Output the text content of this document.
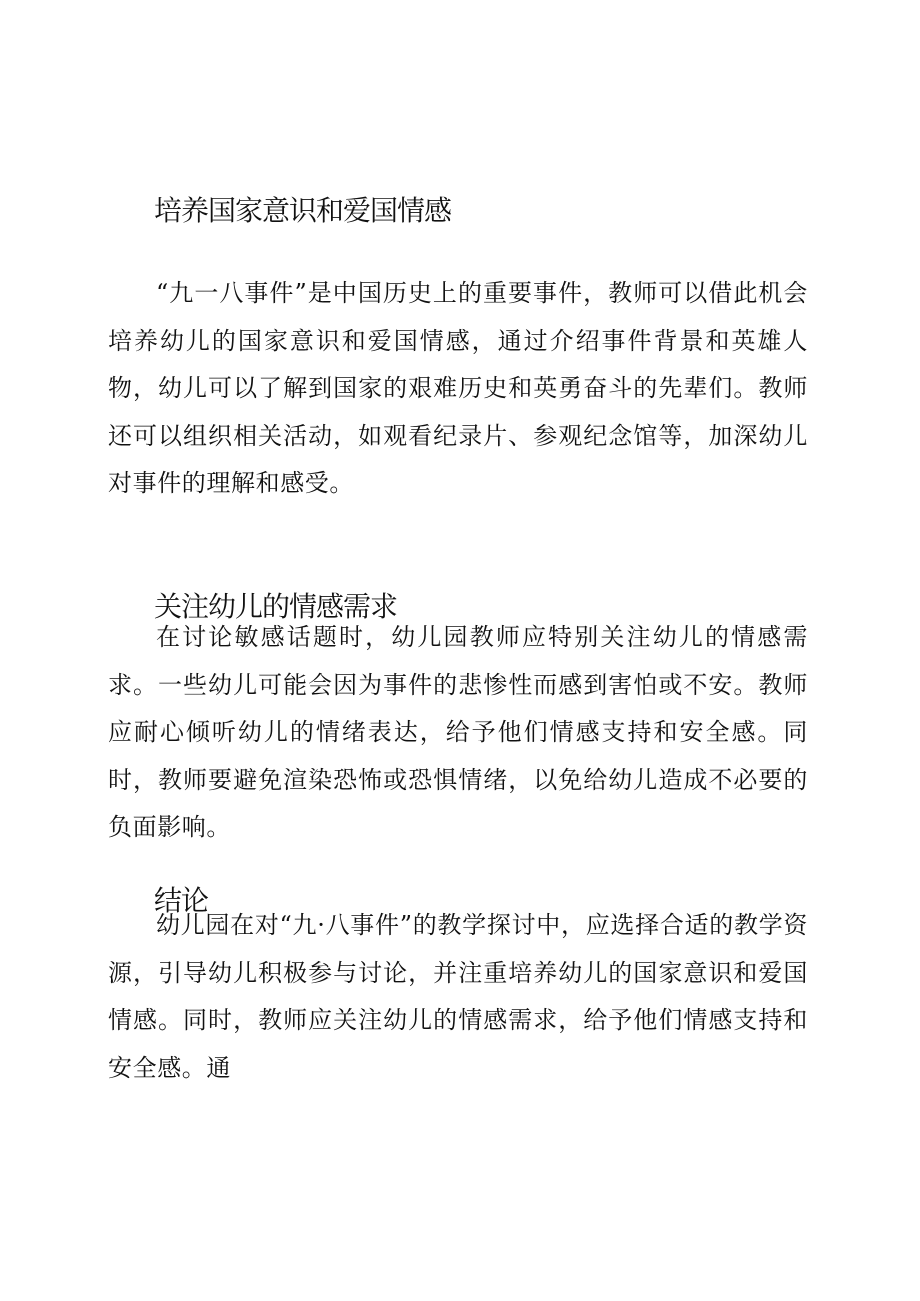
培养国家意识和爱国情感

“九一八事件”是中国历史上的重要事件，教师可以借此机会培养幼儿的国家意识和爱国情感，通过介绍事件背景和英雄人物，幼儿可以了解到国家的艰难历史和英勇奋斗的先辈们。教师还可以组织相关活动，如观看纪录片、参观纪念馆等，加深幼儿对事件的理解和感受。

关注幼儿的情感需求

在讨论敏感话题时，幼儿园教师应特别关注幼儿的情感需求。一些幼儿可能会因为事件的悲惨性而感到害怕或不安。教师应耐心倾听幼儿的情绪表达，给予他们情感支持和安全感。同时，教师要避免渲染恐怖或恐惧情绪，以免给幼儿造成不必要的负面影响。

结论

幼儿园在对“九·八事件”的教学探讨中，应选择合适的教学资源，引导幼儿积极参与讨论，并注重培养幼儿的国家意识和爱国情感。同时，教师应关注幼儿的情感需求，给予他们情感支持和安全感。通
